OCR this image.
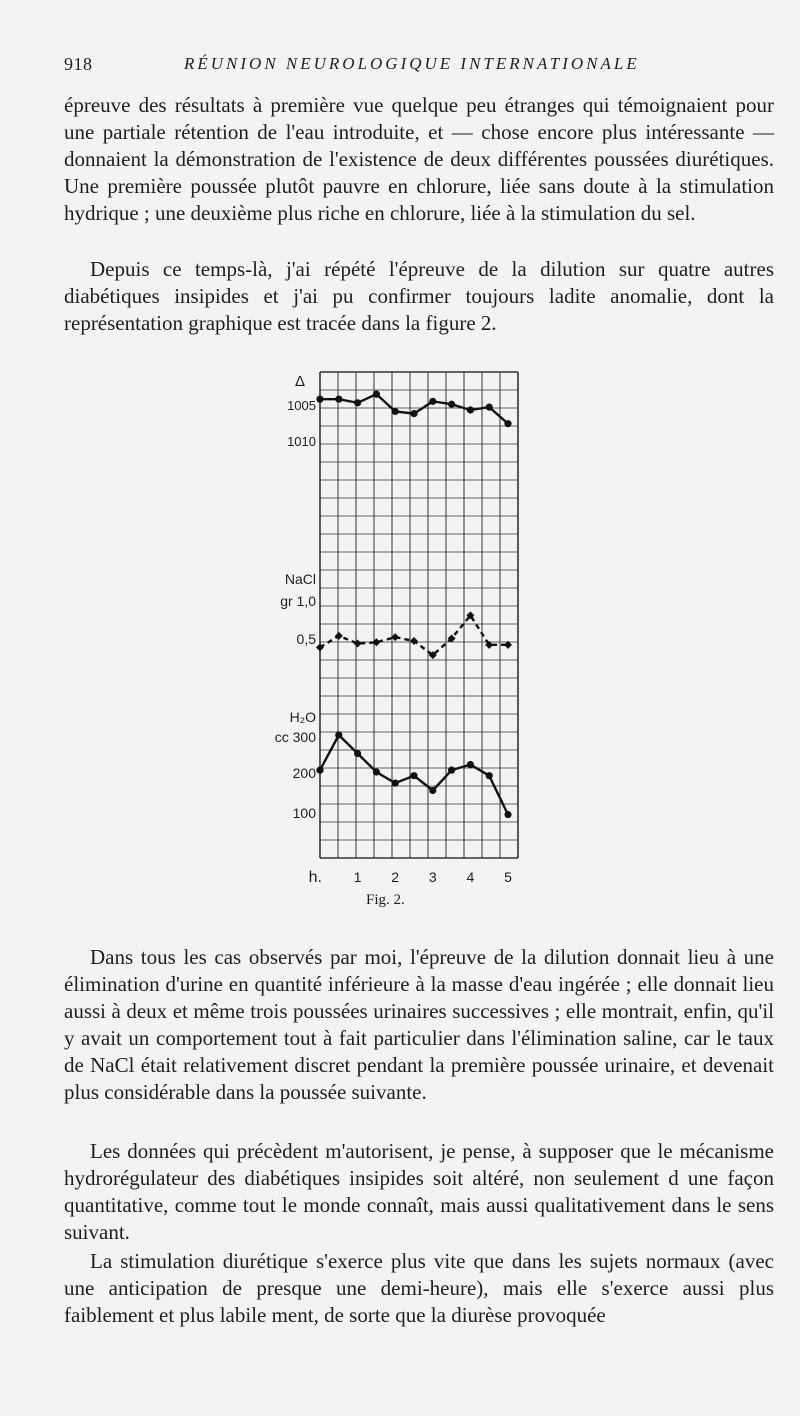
918	RÉUNION NEUROLOGIQUE INTERNATIONALE

épreuve des résultats à première vue quelque peu étranges qui témoignaient pour une partiale rétention de l'eau introduite, et — chose encore plus intéressante — donnaient la démonstration de l'existence de deux différentes poussées diurétiques. Une première poussée plutôt pauvre en chlorure, liée sans doute à la stimulation hydrique ; une deuxième plus riche en chlorure, liée à la stimulation du sel.

Depuis ce temps-là, j'ai répété l'épreuve de la dilution sur quatre autres diabétiques insipides et j'ai pu confirmer toujours ladite anomalie, dont la représentation graphique est tracée dans la figure 2.

Δ
1005
1010
NaCl
gr 1,0
0,5
H₂O
cc 300
200
100
h. 1 2 3 4 5
Fig. 2.

Dans tous les cas observés par moi, l'épreuve de la dilution donnait lieu à une élimination d'urine en quantité inférieure à la masse d'eau ingérée ; elle donnait lieu aussi à deux et même trois poussées urinaires successives ; elle montrait, enfin, qu'il y avait un comportement tout à fait particulier dans l'élimination saline, car le taux de NaCl était relativement discret pendant la première poussée urinaire, et devenait plus considérable dans la poussée suivante.

Les données qui précèdent m'autorisent, je pense, à supposer que le mécanisme hydrorégulateur des diabétiques insipides soit altéré, non seulement d une façon quantitative, comme tout le monde connaît, mais aussi qualitativement dans le sens suivant.

La stimulation diurétique s'exerce plus vite que dans les sujets normaux (avec une anticipation de presque une demi-heure), mais elle s'exerce aussi plus faiblement et plus labile ment, de sorte que la diurèse provoquée
